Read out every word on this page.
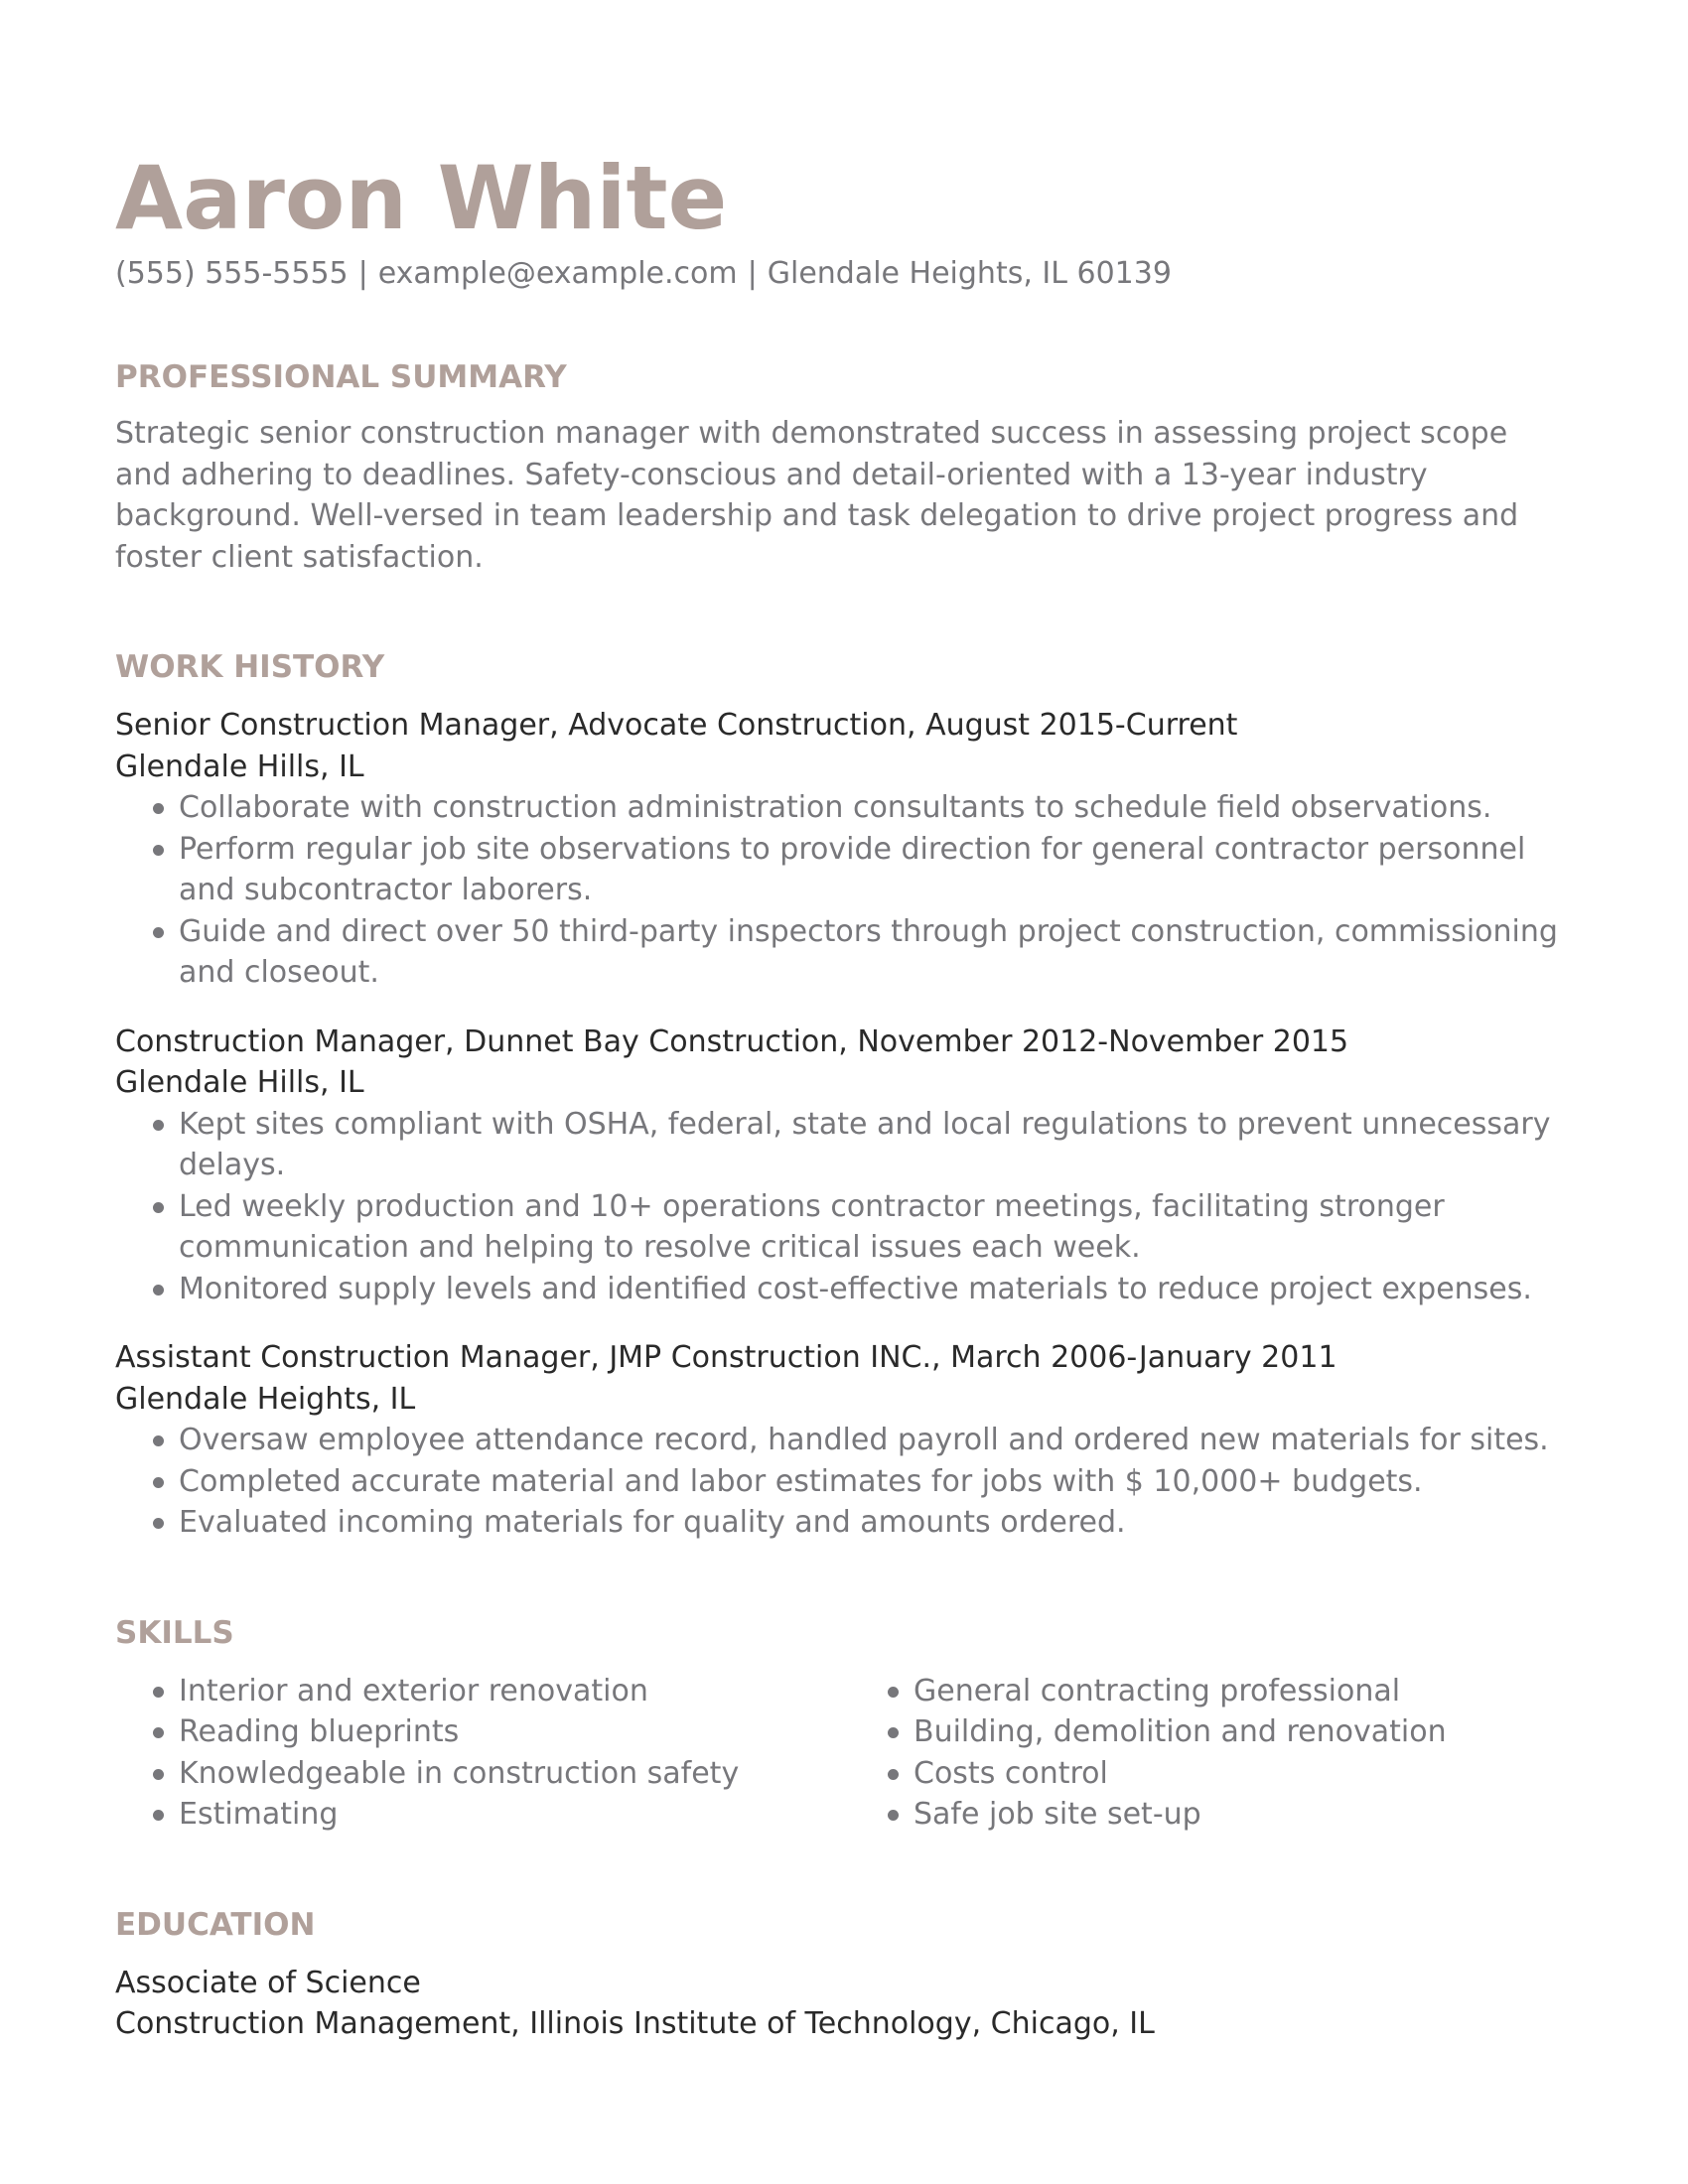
Aaron White
(555) 555-5555 | example@example.com | Glendale Heights, IL 60139
PROFESSIONAL SUMMARY
Strategic senior construction manager with demonstrated success in assessing project scope and adhering to deadlines. Safety-conscious and detail-oriented with a 13-year industry background. Well-versed in team leadership and task delegation to drive project progress and foster client satisfaction.
WORK HISTORY
Senior Construction Manager, Advocate Construction, August 2015-Current
Glendale Hills, IL
Collaborate with construction administration consultants to schedule field observations.
Perform regular job site observations to provide direction for general contractor personnel and subcontractor laborers.
Guide and direct over 50 third-party inspectors through project construction, commissioning and closeout.
Construction Manager, Dunnet Bay Construction, November 2012-November 2015
Glendale Hills, IL
Kept sites compliant with OSHA, federal, state and local regulations to prevent unnecessary delays.
Led weekly production and 10+ operations contractor meetings, facilitating stronger communication and helping to resolve critical issues each week.
Monitored supply levels and identified cost-effective materials to reduce project expenses.
Assistant Construction Manager, JMP Construction INC., March 2006-January 2011
Glendale Heights, IL
Oversaw employee attendance record, handled payroll and ordered new materials for sites.
Completed accurate material and labor estimates for jobs with $ 10,000+ budgets.
Evaluated incoming materials for quality and amounts ordered.
SKILLS
Interior and exterior renovation
Reading blueprints
Knowledgeable in construction safety
Estimating
General contracting professional
Building, demolition and renovation
Costs control
Safe job site set-up
EDUCATION
Associate of Science
Construction Management, Illinois Institute of Technology, Chicago, IL
